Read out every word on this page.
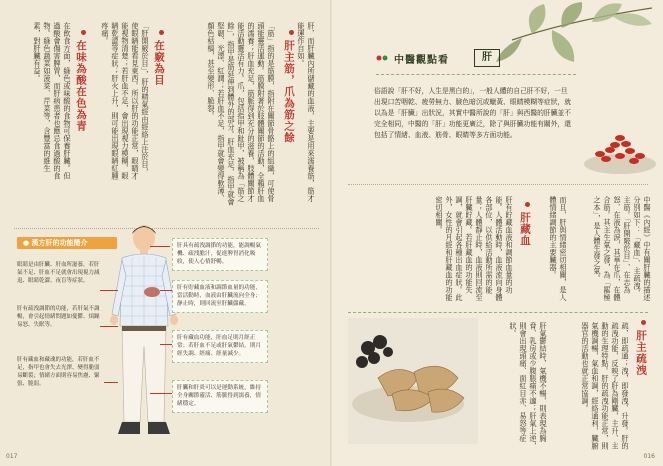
肝，而肝臟內所儲藏的血液，主要是用來濡養筋，筋才能運作自如。
肝主筋，爪為筋之餘
「筋」指的是筋膜，指附在關節骨骼上的組織，可使骨頭能靈活運動。筋膜附著於肢體關節的活動，全賴肝血的濡養；肝血充足，筋脈得到充分的滋養，肢體關節才能活動靈活有力。爪，包括指甲和趾甲，被稱為「筋之餘」，指甲是筋延伸到體外的部分。肝血充足，指甲就會堅韌、光澤、紅潤；若肝血不足，指甲就會變得軟薄、顏色枯槁，甚至變形、脆裂。
在竅為目
「肝開竅於目」，肝的精氣經由經絡上注於目，使眼睛能看見東西。所以肝的功能正常，眼睛才能視物清楚；若肝血不足，會出現視力模糊、眼睛乾澀等症狀；肝火上升，則可能出現眼睛紅腫疼痛。
在味為酸在色為青
在飲食方面，綠色或味酸的食物可保養肝臟。但過酸會傷害脾胃，而肝病患者也應忌食過酸的食物。綠色蔬菜如菠菜、芹菜等，含豐富的維生素，對肝臟有益。
● 漢方肝的功能簡介
眼睛是由肝臟、肝血所滋養，若肝氣不足、肝血不足就會出現視力減退、眼睛乾澀、夜盲等症狀。
肝有疏洩調節的功能，若肝氣不調暢，會引起情緒問題如憂鬱、煩躁易怒、失眠等。
肝有藏血和藏魂的功能，若肝血不足，指甲也會失去光澤、變得脆弱易斷裂；情緒方面則容易焦慮、緊張、脆弱。
肝具有疏洩調節的功能，能調暢氣機、疏洩膽汁，促進脾胃消化吸收，使人心情舒暢。
肝有貯藏血液和調節血量的功能，當活動時，血液由肝臟流向全身；靜止時，則回流至肝臟儲藏。
肝有藏血功能，肝血足則月經正常；若肝血不足或肝氣鬱結，則月經失調、經痛、經量減少。
肝臟和肝炎可以是運動系統，維持全身關節靈活、筋脈得到濡養，情緒穩定。
017
中醫觀點看	肝
俗語說「肝不好，人生是黑白的」，一般人體的自己肝不好，一旦出現口苦咽乾、疲勞無力、臉色暗沉或蠟黃、眼睛模糊等症狀，就以為是「肝臟」出狀況，其實中醫所說的「肝」與西醫的肝臟並不完全相同，中醫的「肝」功能更廣泛，除了與肝臟功能有關外，還包括了情緒、血液、筋骨、眼睛等多方面功能。
中醫《內經》中有關肝臟的描述分別如下：「藏血」、主疏洩、主筋。「肝開竅於目」、在志為怒、在液為淚，其華在爪，在體合筋。其主生氣之發，為「罷極之本」，是人體生發之氣。
而且，肝與情緒密切相關，是人體情緒調節的主要臟器。
肝藏血
肝有貯藏血液和調節血量的功能。人體活動時，血液流向身體各部位，以供給活動所需的能量；人體靜止時，血液則回流至肝臟貯藏。若肝藏血的功能失調，就會引起各種出血症狀。此外，女性的月經和肝藏血的功能密切相關。
肝主疏洩
疏，即疏通；洩，即發洩、升發。肝的疏洩功能，反映了肝為剛臟，主升、主動的生理特點。肝的疏洩功能正常，則氣機調暢，氣血和調，經絡通利，臟腑器官的活動也就正常協調。
肝氣鬱結時，氣機不暢，則表現為胸脅、乳房或少腹脹痛不適；肝氣上逆，則會出現頭痛、面紅目赤、易怒等症狀。
016
